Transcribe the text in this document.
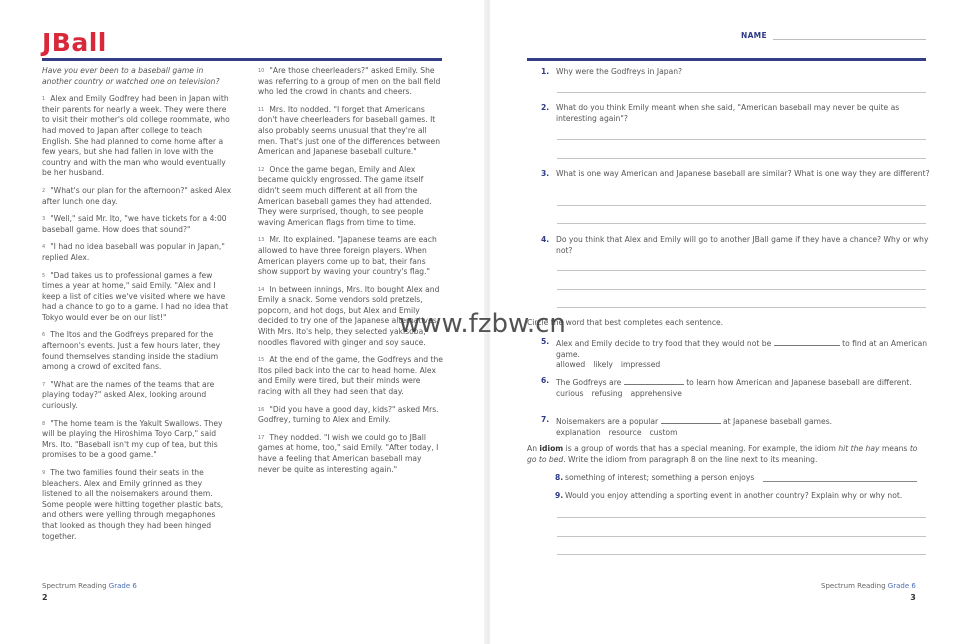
JBall

Have you ever been to a baseball game in another country or watched one on television?

$^1$ Alex and Emily Godfrey had been in Japan with their parents for nearly a week. They were there to visit their mother's old college roommate, who had moved to Japan after college to teach English. She had planned to come home after a few years, but she had fallen in love with the country and with the man who would eventually be her husband.

$^2$ "What's our plan for the afternoon?" asked Alex after lunch one day.

$^3$ "Well," said Mr. Ito, "we have tickets for a 4:00 baseball game. How does that sound?"

$^4$ "I had no idea baseball was popular in Japan," replied Alex.

$^5$ "Dad takes us to professional games a few times a year at home," said Emily. "Alex and I keep a list of cities we've visited where we have had a chance to go to a game. I had no idea that Tokyo would ever be on our list!"

$^6$ The Itos and the Godfreys prepared for the afternoon's events. Just a few hours later, they found themselves standing inside the stadium among a crowd of excited fans.

$^7$ "What are the names of the teams that are playing today?" asked Alex, looking around curiously.

$^8$ "The home team is the Yakult Swallows. They will be playing the Hiroshima Toyo Carp," said Mrs. Ito. "Baseball isn't my cup of tea, but this promises to be a good game."

$^9$ The two families found their seats in the bleachers. Alex and Emily grinned as they listened to all the noisemakers around them. Some people were hitting together plastic bats, and others were yelling through megaphones that looked as though they had been hinged together.

$^{10}$ "Are those cheerleaders?" asked Emily. She was referring to a group of men on the ball field who led the crowd in chants and cheers.

$^{11}$ Mrs. Ito nodded. "I forget that Americans don't have cheerleaders for baseball games. It also probably seems unusual that they're all men. That's just one of the differences between American and Japanese baseball culture."

$^{12}$ Once the game began, Emily and Alex became quickly engrossed. The game itself didn't seem much different at all from the American baseball games they had attended. They were surprised, though, to see people waving American flags from time to time.

$^{13}$ Mr. Ito explained. "Japanese teams are each allowed to have three foreign players. When American players come up to bat, their fans show support by waving your country's flag."

$^{14}$ In between innings, Mrs. Ito bought Alex and Emily a snack. Some vendors sold pretzels, popcorn, and hot dogs, but Alex and Emily decided to try one of the Japanese alternatives. With Mrs. Ito's help, they selected yakisoba, noodles flavored with ginger and soy sauce.

$^{15}$ At the end of the game, the Godfreys and the Itos piled back into the car to head home. Alex and Emily were tired, but their minds were racing with all they had seen that day.

$^{16}$ "Did you have a good day, kids?" asked Mrs. Godfrey, turning to Alex and Emily.

$^{17}$ They nodded. "I wish we could go to JBall games at home, too," said Emily. "After today, I have a feeling that American baseball may never be quite as interesting again."

Spectrum Reading Grade 6
2
NAME
1. Why were the Godfreys in Japan?
2. What do you think Emily meant when she said, "American baseball may never be quite as interesting again"?
3. What is one way American and Japanese baseball are similar? What is one way they are different?
4. Do you think that Alex and Emily will go to another JBall game if they have a chance? Why or why not?
Circle the word that best completes each sentence.
5. Alex and Emily decide to try food that they would not be	to find at an American game.
allowed likely impressed
6. The Godfreys are	to learn how American and Japanese baseball are different.
curious refusing apprehensive
7. Noisemakers are a popular	at Japanese baseball games.
explanation resource custom
An idiom is a group of words that has a special meaning. For example, the idiom hit the hay means to go to bed. Write the idiom from paragraph 8 on the line next to its meaning.
8. something of interest; something a person enjoys
9. Would you enjoy attending a sporting event in another country? Explain why or why not.
Spectrum Reading Grade 6
3
www.fzbw.cn
